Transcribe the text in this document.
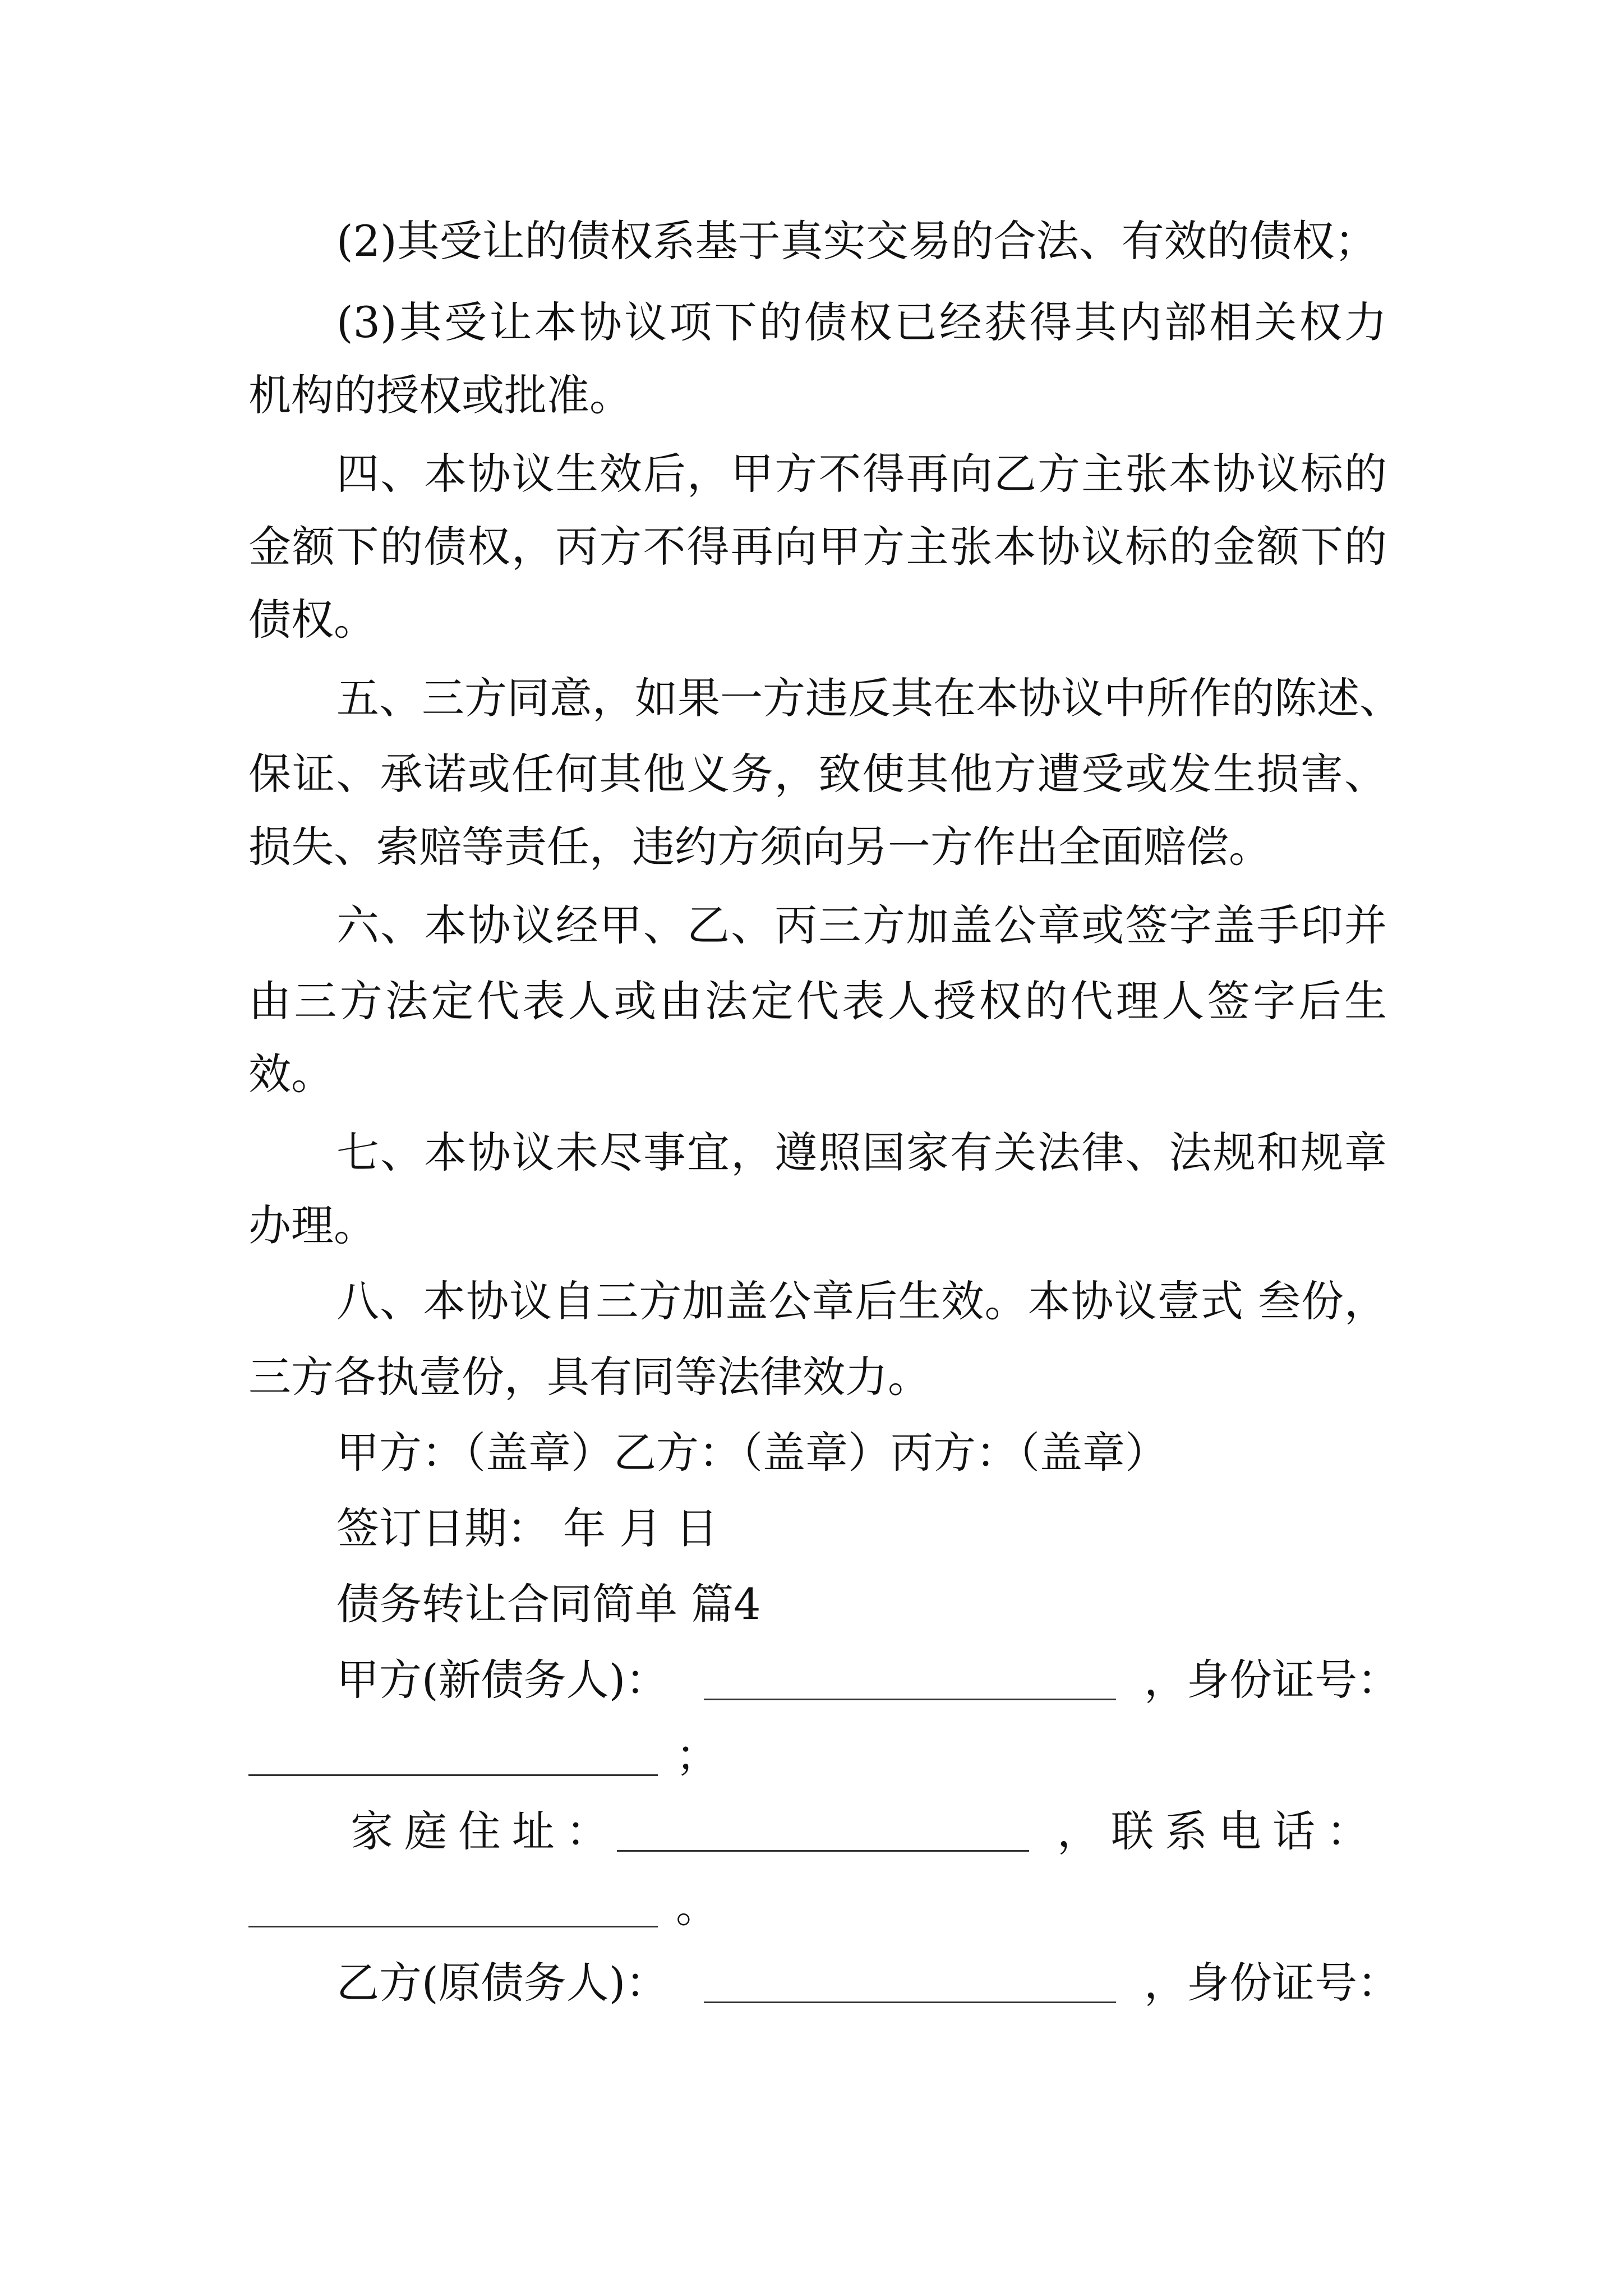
(2)其受让的债权系基于真实交易的合法、有效的债权；
(3)其受让本协议项下的债权已经获得其内部相关权力
机构的授权或批准。
四、本协议生效后，甲方不得再向乙方主张本协议标的
金额下的债权，丙方不得再向甲方主张本协议标的金额下的
债权。
五、三方同意，如果一方违反其在本协议中所作的陈述、
保证、承诺或任何其他义务，致使其他方遭受或发生损害、
损失、索赔等责任，违约方须向另一方作出全面赔偿。
六、本协议经甲、乙、丙三方加盖公章或签字盖手印并
由三方法定代表人或由法定代表人授权的代理人签字后生
效。
七、本协议未尽事宜，遵照国家有关法律、法规和规章
办理。
八、本协议自三方加盖公章后生效。本协议壹式 叁份，
三方各执壹份，具有同等法律效力。
甲方：（盖章）乙方：（盖章）丙方：（盖章）
签订日期： 年 月 日
债务转让合同简单 篇4
甲方(新债务人)：	，身份证号：
；
家庭住址：	，联系电话：
。
乙方(原债务人)：	，身份证号：
